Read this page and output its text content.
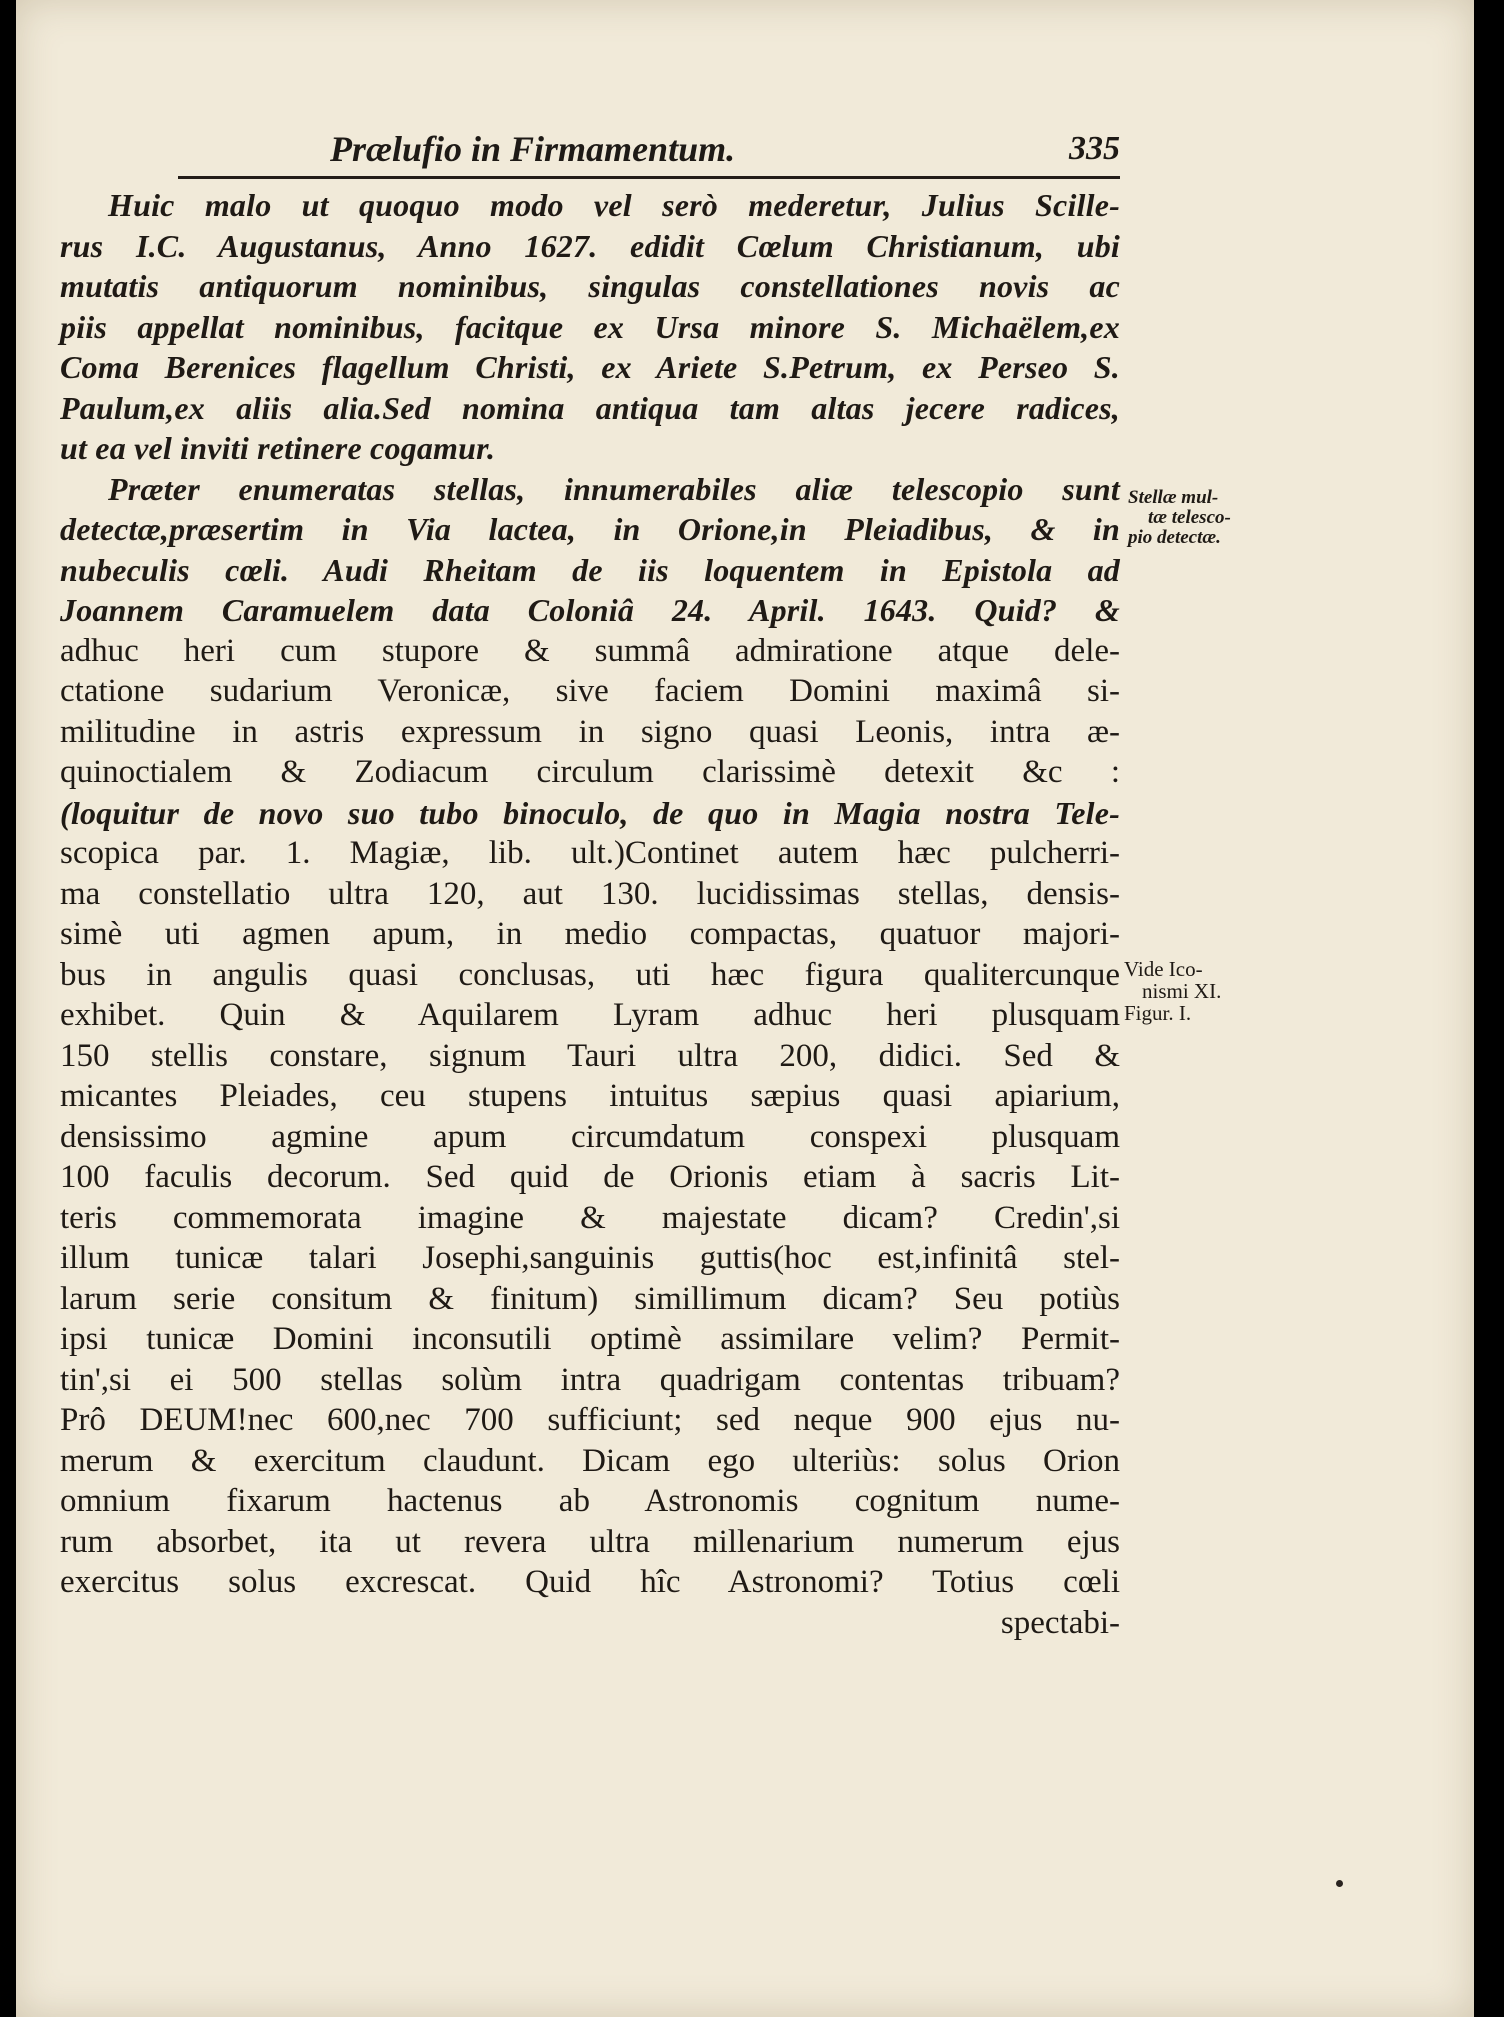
Prælufio in Firmamentum.	335
Huic malo ut quoquo modo vel serò mederetur, Julius Scille-
rus I.C. Augustanus, Anno 1627. edidit Cœlum Christianum, ubi
mutatis antiquorum nominibus, singulas constellationes novis ac
piis appellat nominibus, facitque ex Ursa minore S. Michaëlem,ex
Coma Berenices flagellum Christi, ex Ariete S.Petrum, ex Perseo S.
Paulum,ex aliis alia.Sed nomina antiqua tam altas jecere radices,
ut ea vel inviti retinere cogamur.
Præter enumeratas stellas, innumerabiles aliæ telescopio sunt
detectæ,præsertim in Via lactea, in Orione,in Pleiadibus, & in
nubeculis cœli. Audi Rheitam de iis loquentem in Epistola ad
Joannem Caramuelem data Coloniâ 24. April. 1643. Quid? &
adhuc heri cum stupore & summâ admiratione atque dele-
ctatione sudarium Veronicæ, sive faciem Domini maximâ si-
militudine in astris expressum in signo quasi Leonis, intra æ-
quinoctialem & Zodiacum circulum clarissimè detexit &c :
(loquitur de novo suo tubo binoculo, de quo in Magia nostra Tele-
scopica par. 1. Magiæ, lib. ult.)Continet autem hæc pulcherri-
ma constellatio ultra 120, aut 130. lucidissimas stellas, densis-
simè uti agmen apum, in medio compactas, quatuor majori-
bus in angulis quasi conclusas, uti hæc figura qualitercunque
exhibet. Quin & Aquilarem Lyram adhuc heri plusquam
150 stellis constare, signum Tauri ultra 200, didici. Sed &
micantes Pleiades, ceu stupens intuitus sæpius quasi apiarium,
densissimo agmine apum circumdatum conspexi plusquam
100 faculis decorum. Sed quid de Orionis etiam à sacris Lit-
teris commemorata imagine & majestate dicam? Credin',si
illum tunicæ talari Josephi,sanguinis guttis(hoc est,infinitâ stel-
larum serie consitum & finitum) simillimum dicam? Seu potiùs
ipsi tunicæ Domini inconsutili optimè assimilare velim? Permit-
tin',si ei 500 stellas solùm intra quadrigam contentas tribuam?
Prô DEUM!nec 600,nec 700 sufficiunt; sed neque 900 ejus nu-
merum & exercitum claudunt. Dicam ego ulteriùs: solus Orion
omnium fixarum hactenus ab Astronomis cognitum nume-
rum absorbet, ita ut revera ultra millenarium numerum ejus
exercitus solus excrescat. Quid hîc Astronomi? Totius cœli
spectabi-
Stellæ mul-
tæ telesco-
pio detectæ.
Vide Ico-
nismi XI.
Figur. I.
